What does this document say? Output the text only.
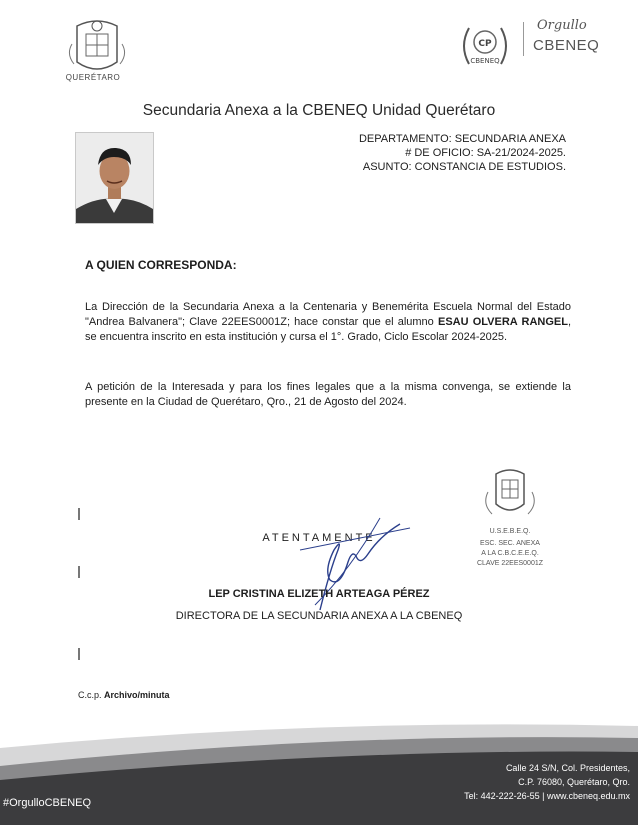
QUERÉTARO
CP
CBENEQ
Orgullo
CBENEQ
Secundaria Anexa a la CBENEQ Unidad Querétaro
DEPARTAMENTO: SECUNDARIA ANEXA
# DE OFICIO: SA-21/2024-2025.
ASUNTO: CONSTANCIA DE ESTUDIOS.
A QUIEN CORRESPONDA:
La Dirección de la Secundaria Anexa a la Centenaria y Benemérita Escuela Normal del Estado "Andrea Balvanera"; Clave 22EES0001Z; hace constar que el alumno ESAU OLVERA RANGEL, se encuentra inscrito en esta institución y cursa el 1°. Grado, Ciclo Escolar 2024-2025.
A petición de la Interesada y para los fines legales que a la misma convenga, se extiende la presente en la Ciudad de Querétaro, Qro., 21 de Agosto del 2024.
U.S.E.B.E.Q.
ESC. SEC. ANEXA
A LA C.B.C.E.E.Q.
CLAVE 22EES0001Z
ATENTAMENTE
LEP CRISTINA ELIZETH ARTEAGA PÉREZ
DIRECTORA DE LA SECUNDARIA ANEXA A LA CBENEQ
C.c.p. Archivo/minuta
Calle 24 S/N, Col. Presidentes,
C.P. 76080, Querétaro, Qro.
Tel: 442-222-26-55 | www.cbeneq.edu.mx
#OrgulloCBENEQ
